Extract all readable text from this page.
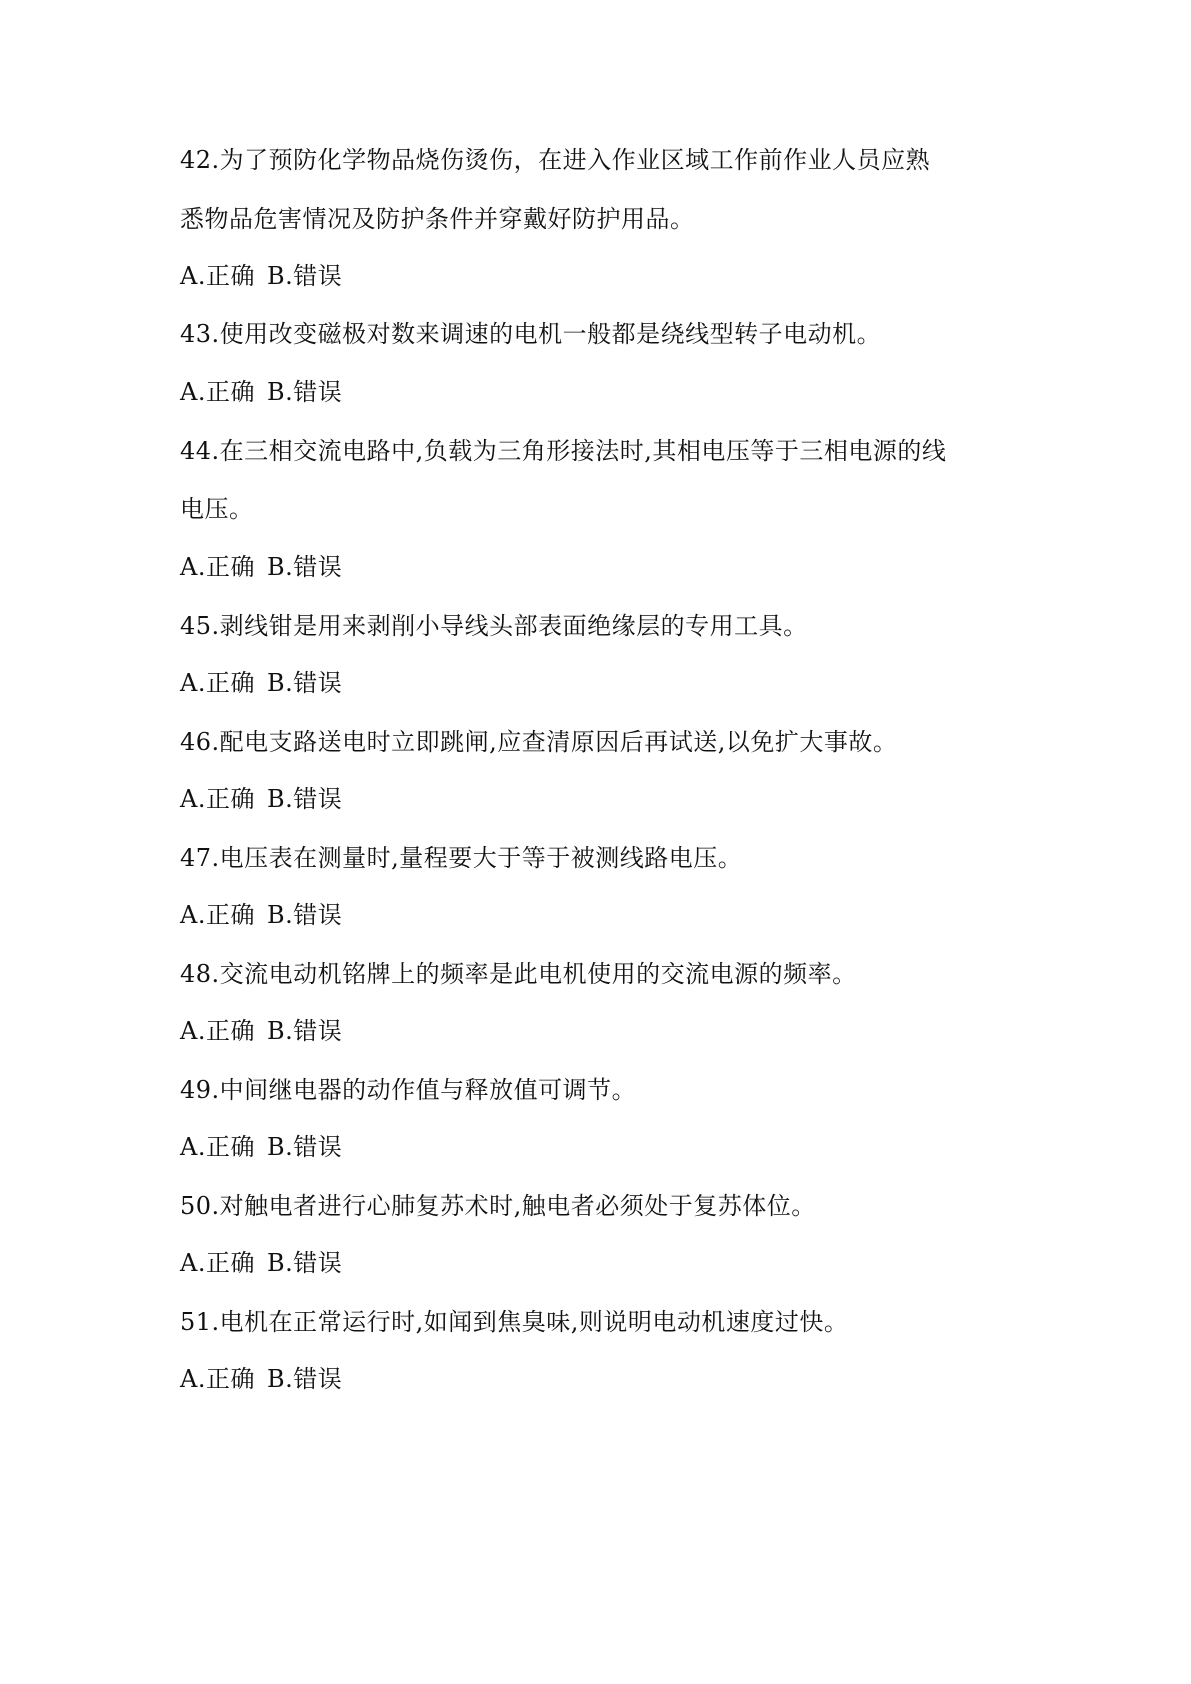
42.为了预防化学物品烧伤烫伤，在进入作业区域工作前作业人员应熟

悉物品危害情况及防护条件并穿戴好防护用品。

A.正确 B.错误

43.使用改变磁极对数来调速的电机一般都是绕线型转子电动机。

A.正确 B.错误

44.在三相交流电路中,负载为三角形接法时,其相电压等于三相电源的线

电压。

A.正确 B.错误

45.剥线钳是用来剥削小导线头部表面绝缘层的专用工具。

A.正确 B.错误

46.配电支路送电时立即跳闸,应查清原因后再试送,以免扩大事故。

A.正确 B.错误

47.电压表在测量时,量程要大于等于被测线路电压。

A.正确 B.错误

48.交流电动机铭牌上的频率是此电机使用的交流电源的频率。

A.正确 B.错误

49.中间继电器的动作值与释放值可调节。

A.正确 B.错误

50.对触电者进行心肺复苏术时,触电者必须处于复苏体位。

A.正确 B.错误

51.电机在正常运行时,如闻到焦臭味,则说明电动机速度过快。

A.正确 B.错误
